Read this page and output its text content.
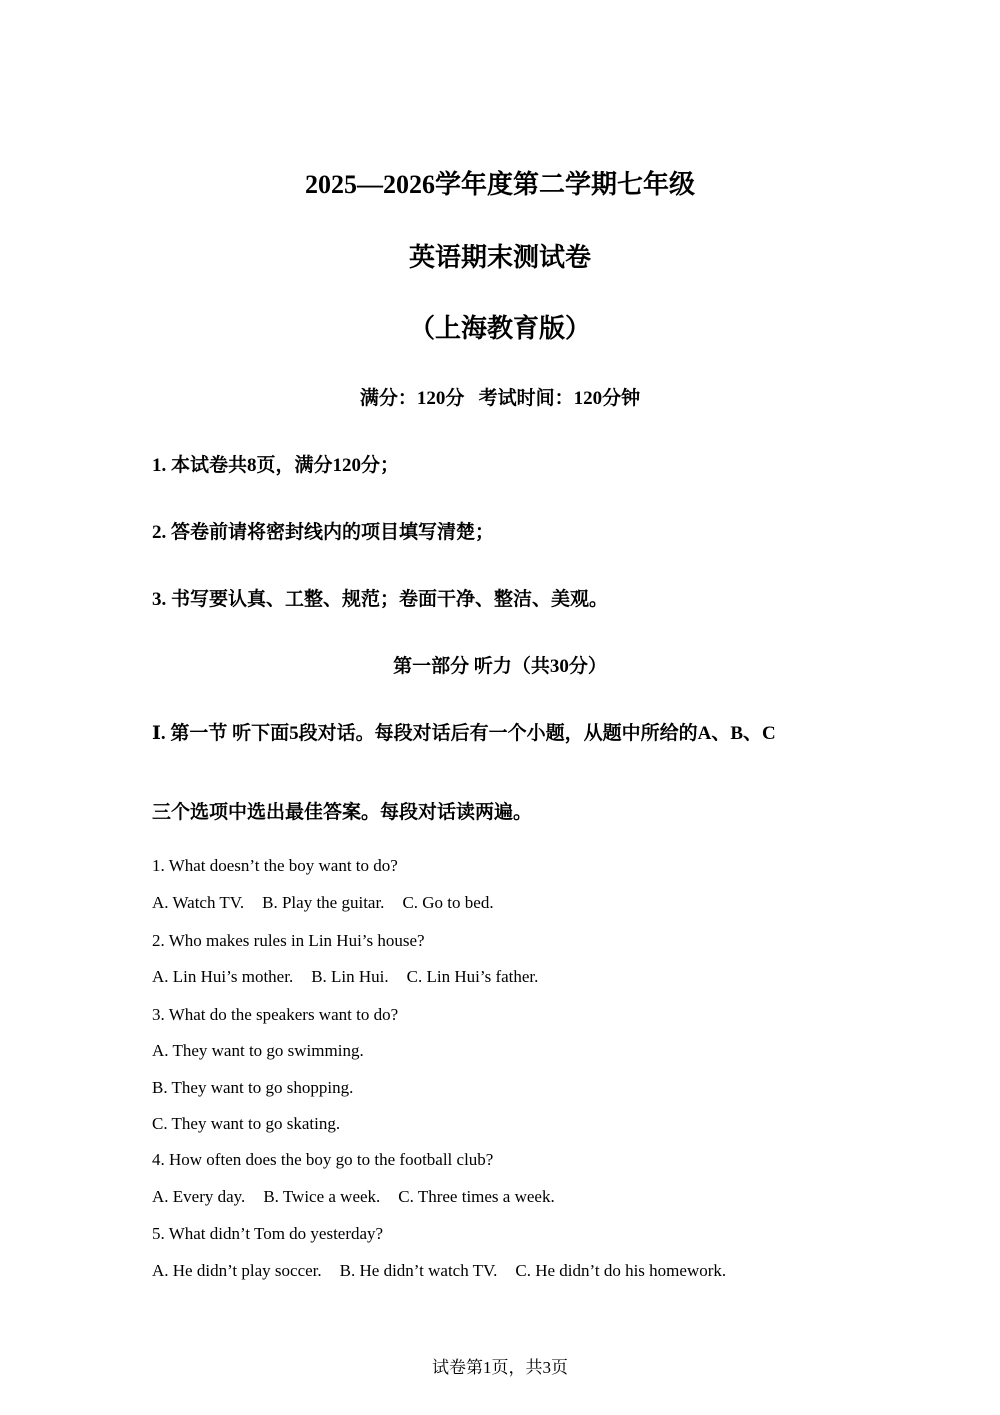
2025—2026学年度第二学期七年级
英语期末测试卷
（上海教育版）
满分：120分   考试时间：120分钟
1. 本试卷共8页，满分120分；
2. 答卷前请将密封线内的项目填写清楚；
3. 书写要认真、工整、规范；卷面干净、整洁、美观。
第一部分 听力（共30分）
Ⅰ. 第一节 听下面5段对话。每段对话后有一个小题，从题中所给的A、B、C
三个选项中选出最佳答案。每段对话读两遍。
1. What doesn’t the boy want to do?
A. Watch TV. B. Play the guitar. C. Go to bed.
2. Who makes rules in Lin Hui’s house?
A. Lin Hui’s mother. B. Lin Hui. C. Lin Hui’s father.
3. What do the speakers want to do?
A. They want to go swimming.
B. They want to go shopping.
C. They want to go skating.
4. How often does the boy go to the football club?
A. Every day. B. Twice a week. C. Three times a week.
5. What didn’t Tom do yesterday?
A. He didn’t play soccer. B. He didn’t watch TV. C. He didn’t do his homework.
试卷第1页，共3页
